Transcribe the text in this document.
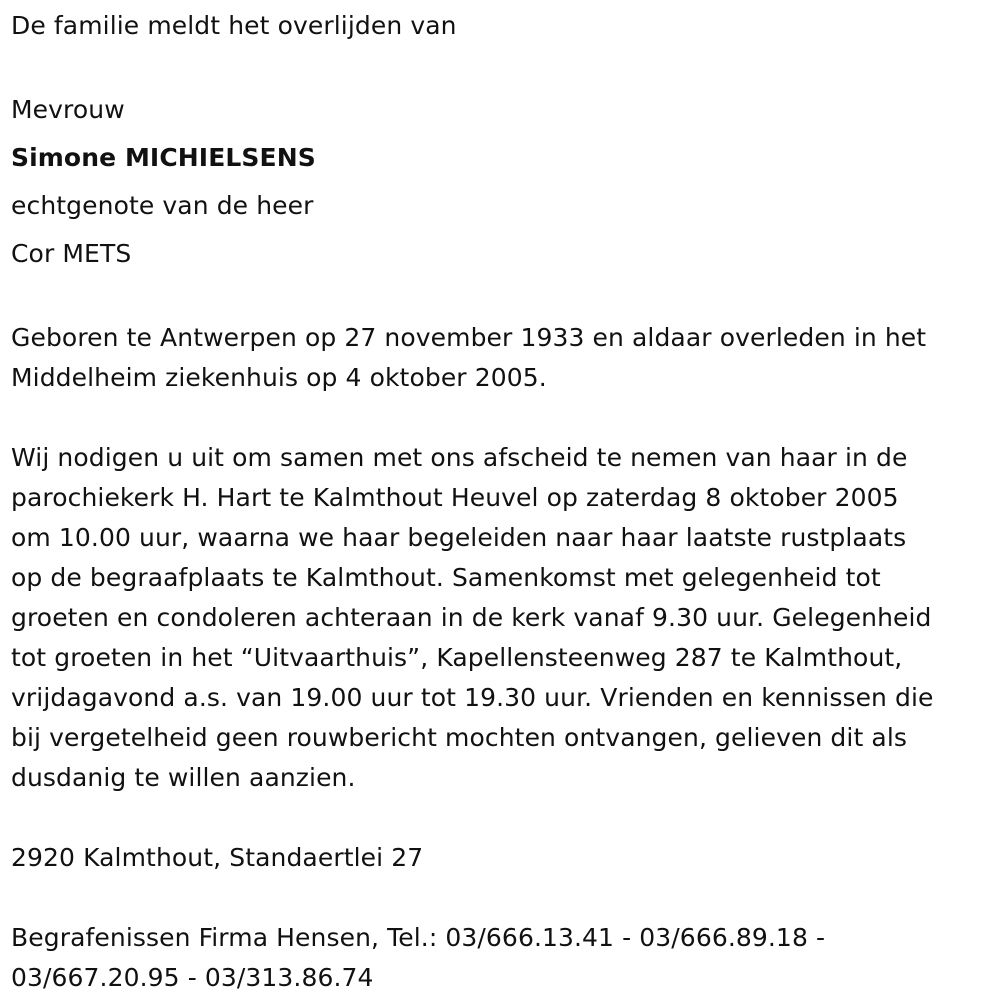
De familie meldt het overlijden van
Mevrouw
Simone MICHIELSENS
echtgenote van de heer
Cor METS
Geboren te Antwerpen op 27 november 1933 en aldaar overleden in het
Middelheim ziekenhuis op 4 oktober 2005.
Wij nodigen u uit om samen met ons afscheid te nemen van haar in de
parochiekerk H. Hart te Kalmthout Heuvel op zaterdag 8 oktober 2005
om 10.00 uur, waarna we haar begeleiden naar haar laatste rustplaats
op de begraafplaats te Kalmthout. Samenkomst met gelegenheid tot
groeten en condoleren achteraan in de kerk vanaf 9.30 uur. Gelegenheid
tot groeten in het “Uitvaarthuis”, Kapellensteenweg 287 te Kalmthout,
vrijdagavond a.s. van 19.00 uur tot 19.30 uur. Vrienden en kennissen die
bij vergetelheid geen rouwbericht mochten ontvangen, gelieven dit als
dusdanig te willen aanzien.
2920 Kalmthout, Standaertlei 27
Begrafenissen Firma Hensen, Tel.: 03/666.13.41 - 03/666.89.18 -
03/667.20.95 - 03/313.86.74
